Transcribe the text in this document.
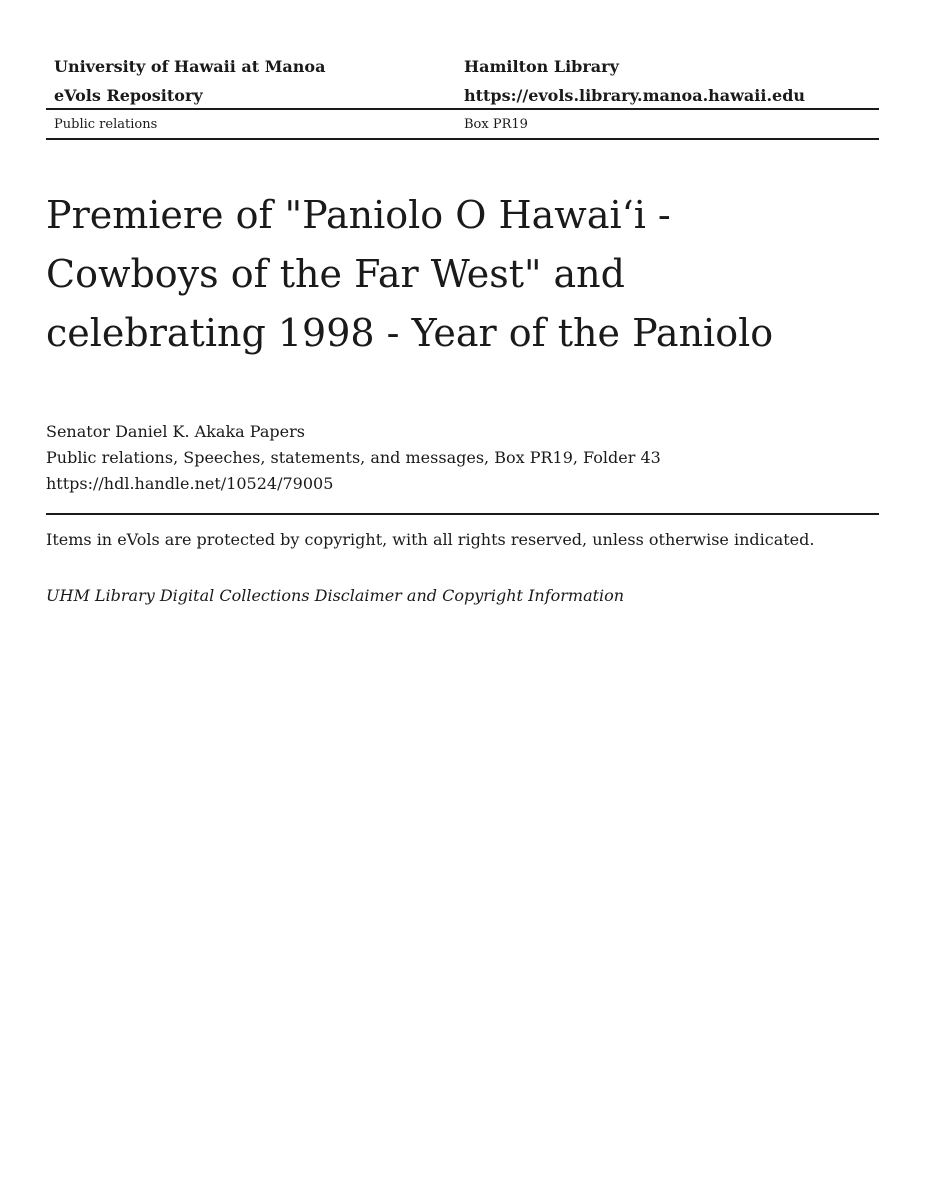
University of Hawaii at Manoa	Hamilton Library
eVols Repository	https://evols.library.manoa.hawaii.edu
Public relations	Box PR19
Premiere of "Paniolo O Hawai‘i -
Cowboys of the Far West" and
celebrating 1998 - Year of the Paniolo
Senator Daniel K. Akaka Papers
Public relations, Speeches, statements, and messages, Box PR19, Folder 43
https://hdl.handle.net/10524/79005
Items in eVols are protected by copyright, with all rights reserved, unless otherwise indicated.
UHM Library Digital Collections Disclaimer and Copyright Information
